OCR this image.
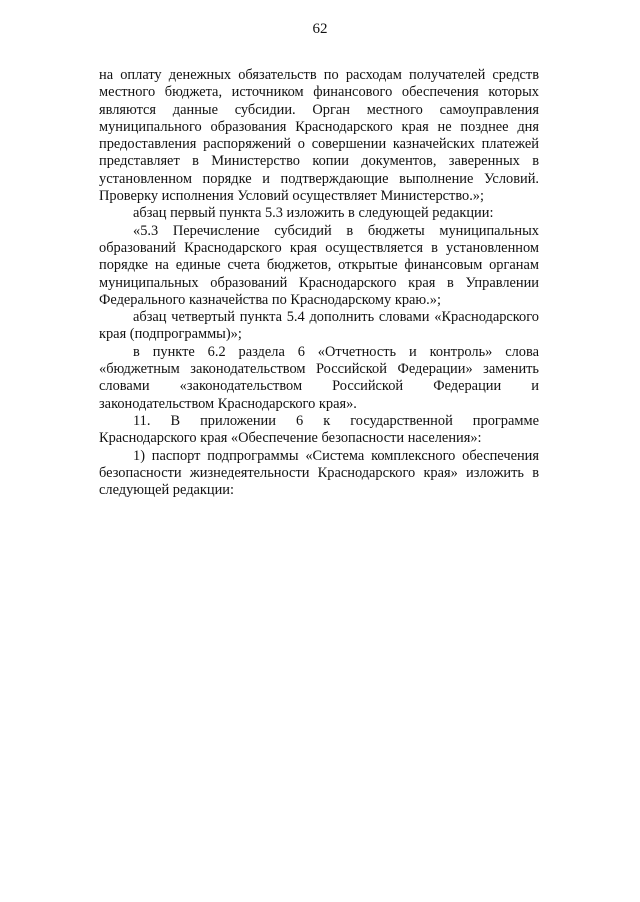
62

на оплату денежных обязательств по расходам получателей средств местного бюджета, источником финансового обеспечения которых являются данные субсидии. Орган местного самоуправления муниципального образования Краснодарского края не позднее дня предоставления распоряжений о совершении казначейских платежей представляет в Министерство копии документов, заверенных в установленном порядке и подтверждающие выполнение Условий. Проверку исполнения Условий осуществляет Министерство.»;

абзац первый пункта 5.3 изложить в следующей редакции:

«5.3 Перечисление субсидий в бюджеты муниципальных образований Краснодарского края осуществляется в установленном порядке на единые счета бюджетов, открытые финансовым органам муниципальных образований Краснодарского края в Управлении Федерального казначейства по Краснодарскому краю.»;

абзац четвертый пункта 5.4 дополнить словами «Краснодарского края (подпрограммы)»;

в пункте 6.2 раздела 6 «Отчетность и контроль» слова «бюджетным законодательством Российской Федерации» заменить словами «законодательством Российской Федерации и законодательством Краснодарского края».

11. В приложении 6 к государственной программе Краснодарского края «Обеспечение безопасности населения»:

1) паспорт подпрограммы «Система комплексного обеспечения безопасности жизнедеятельности Краснодарского края» изложить в следующей редакции:
